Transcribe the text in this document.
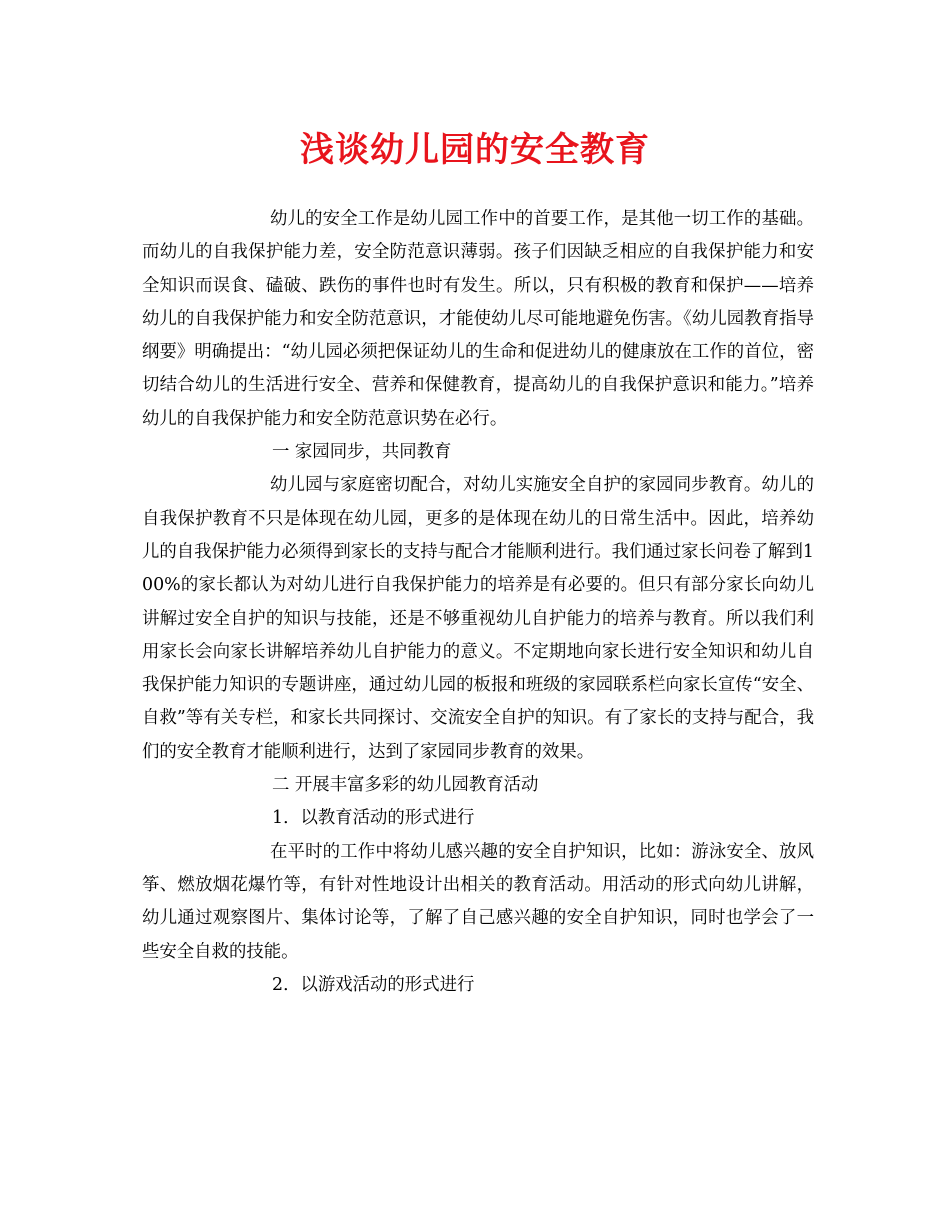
浅谈幼儿园的安全教育

幼儿的安全工作是幼儿园工作中的首要工作，是其他一切工作的基础。而幼儿的自我保护能力差，安全防范意识薄弱。孩子们因缺乏相应的自我保护能力和安全知识而误食、磕破、跌伤的事件也时有发生。所以，只有积极的教育和保护——培养幼儿的自我保护能力和安全防范意识，才能使幼儿尽可能地避免伤害。《幼儿园教育指导纲要》明确提出：“幼儿园必须把保证幼儿的生命和促进幼儿的健康放在工作的首位，密切结合幼儿的生活进行安全、营养和保健教育，提高幼儿的自我保护意识和能力。”培养幼儿的自我保护能力和安全防范意识势在必行。

一 家园同步，共同教育

幼儿园与家庭密切配合，对幼儿实施安全自护的家园同步教育。幼儿的自我保护教育不只是体现在幼儿园，更多的是体现在幼儿的日常生活中。因此，培养幼儿的自我保护能力必须得到家长的支持与配合才能顺利进行。我们通过家长问卷了解到100%的家长都认为对幼儿进行自我保护能力的培养是有必要的。但只有部分家长向幼儿讲解过安全自护的知识与技能，还是不够重视幼儿自护能力的培养与教育。所以我们利用家长会向家长讲解培养幼儿自护能力的意义。不定期地向家长进行安全知识和幼儿自我保护能力知识的专题讲座，通过幼儿园的板报和班级的家园联系栏向家长宣传“安全、自救”等有关专栏，和家长共同探讨、交流安全自护的知识。有了家长的支持与配合，我们的安全教育才能顺利进行，达到了家园同步教育的效果。

二 开展丰富多彩的幼儿园教育活动

1．以教育活动的形式进行

在平时的工作中将幼儿感兴趣的安全自护知识，比如：游泳安全、放风筝、燃放烟花爆竹等，有针对性地设计出相关的教育活动。用活动的形式向幼儿讲解，幼儿通过观察图片、集体讨论等，了解了自己感兴趣的安全自护知识，同时也学会了一些安全自救的技能。

2．以游戏活动的形式进行
